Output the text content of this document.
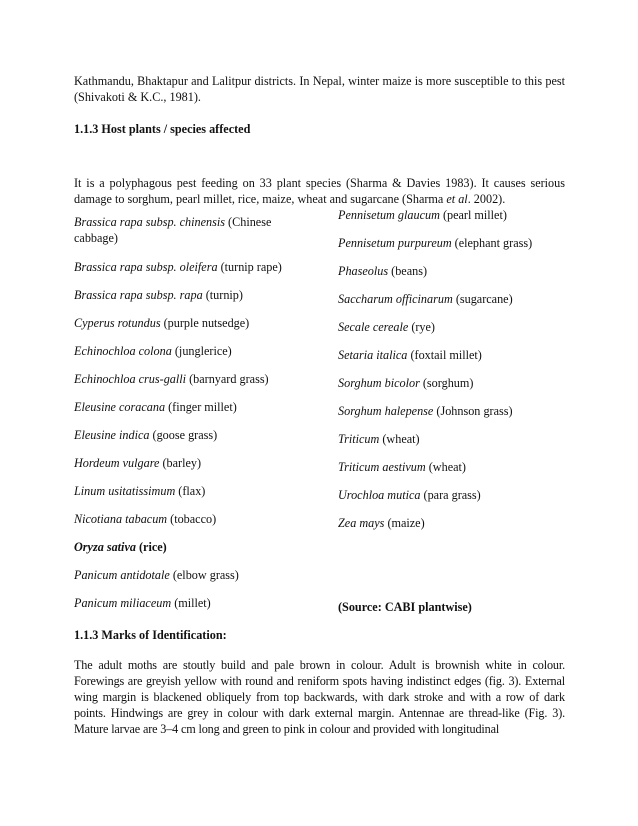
Kathmandu, Bhaktapur and Lalitpur districts. In Nepal, winter maize is more susceptible to this pest (Shivakoti & K.C., 1981).

1.1.3 Host plants / species affected

It is a polyphagous pest feeding on 33 plant species (Sharma & Davies 1983). It causes serious damage to sorghum, pearl millet, rice, maize, wheat and sugarcane (Sharma et al. 2002).

Brassica rapa subsp. chinensis (Chinese cabbage)

Brassica rapa subsp. oleifera (turnip rape)

Brassica rapa subsp. rapa (turnip)

Cyperus rotundus (purple nutsedge)

Echinochloa colona (junglerice)

Echinochloa crus-galli (barnyard grass)

Eleusine coracana (finger millet)

Eleusine indica (goose grass)

Hordeum vulgare (barley)

Linum usitatissimum (flax)

Nicotiana tabacum (tobacco)

Oryza sativa (rice)

Panicum antidotale (elbow grass)

Panicum miliaceum (millet)

Pennisetum glaucum (pearl millet)

Pennisetum purpureum (elephant grass)

Phaseolus (beans)

Saccharum officinarum (sugarcane)

Secale cereale (rye)

Setaria italica (foxtail millet)

Sorghum bicolor (sorghum)

Sorghum halepense (Johnson grass)

Triticum (wheat)

Triticum aestivum (wheat)

Urochloa mutica (para grass)

Zea mays (maize)

(Source: CABI plantwise)

1.1.3 Marks of Identification:

The adult moths are stoutly build and pale brown in colour. Adult is brownish white in colour. Forewings are greyish yellow with round and reniform spots having indistinct edges (fig. 3). External wing margin is blackened obliquely from top backwards, with dark stroke and with a row of dark points. Hindwings are grey in colour with dark external margin. Antennae are thread-like (Fig. 3). Mature larvae are 3–4 cm long and green to pink in colour and provided with longitudinal
